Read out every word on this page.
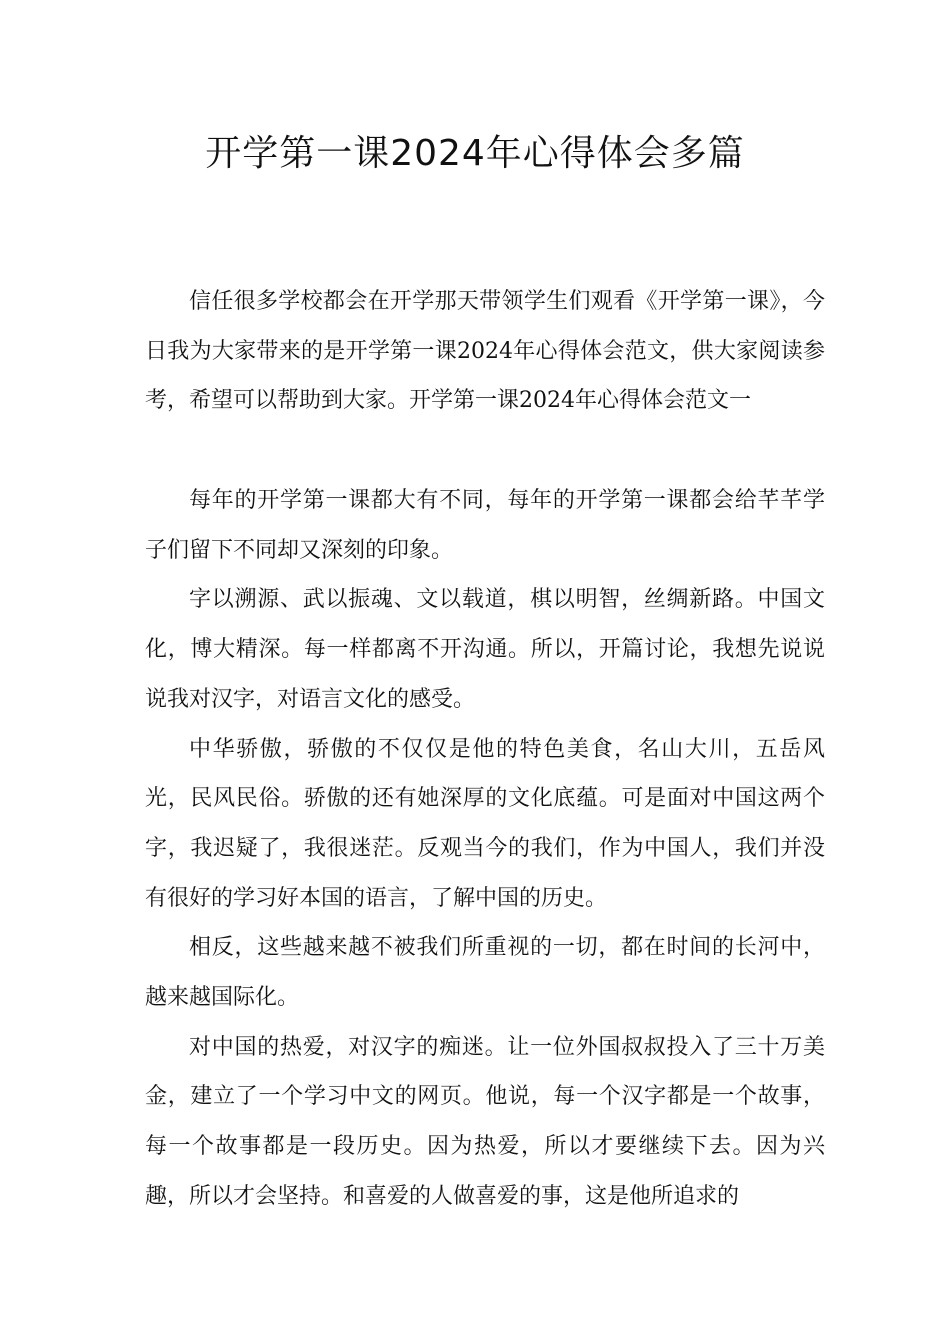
开学第一课2024年心得体会多篇

信任很多学校都会在开学那天带领学生们观看《开学第一课》，今日我为大家带来的是开学第一课2024年心得体会范文，供大家阅读参考，希望可以帮助到大家。开学第一课2024年心得体会范文一

每年的开学第一课都大有不同，每年的开学第一课都会给芊芊学子们留下不同却又深刻的印象。

字以溯源、武以振魂、文以载道，棋以明智，丝绸新路。中国文化，博大精深。每一样都离不开沟通。所以，开篇讨论，我想先说说说我对汉字，对语言文化的感受。

中华骄傲，骄傲的不仅仅是他的特色美食，名山大川，五岳风光，民风民俗。骄傲的还有她深厚的文化底蕴。可是面对中国这两个字，我迟疑了，我很迷茫。反观当今的我们，作为中国人，我们并没有很好的学习好本国的语言，了解中国的历史。

相反，这些越来越不被我们所重视的一切，都在时间的长河中，越来越国际化。

对中国的热爱，对汉字的痴迷。让一位外国叔叔投入了三十万美金，建立了一个学习中文的网页。他说，每一个汉字都是一个故事，每一个故事都是一段历史。因为热爱，所以才要继续下去。因为兴趣，所以才会坚持。和喜爱的人做喜爱的事，这是他所追求的
